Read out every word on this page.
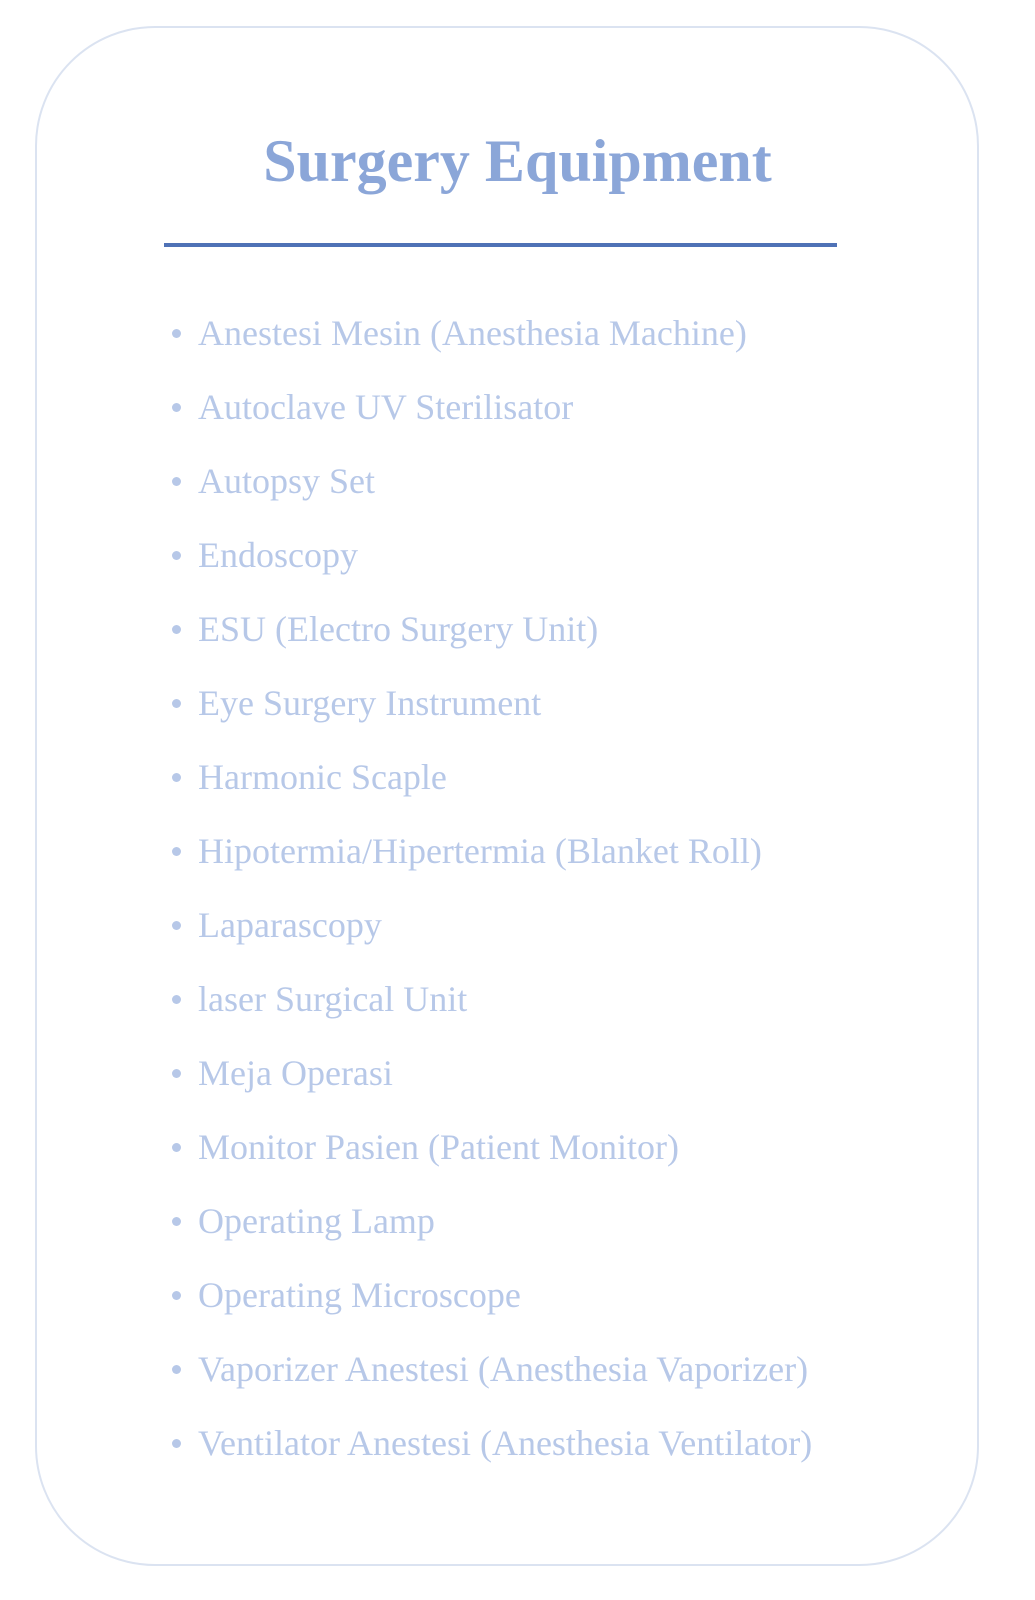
Surgery Equipment
Anestesi Mesin (Anesthesia Machine)
Autoclave UV Sterilisator
Autopsy Set
Endoscopy
ESU (Electro Surgery Unit)
Eye Surgery Instrument
Harmonic Scaple
Hipotermia/Hipertermia (Blanket Roll)
Laparascopy
laser Surgical Unit
Meja Operasi
Monitor Pasien (Patient Monitor)
Operating Lamp
Operating Microscope
Vaporizer Anestesi (Anesthesia Vaporizer)
Ventilator Anestesi (Anesthesia Ventilator)
